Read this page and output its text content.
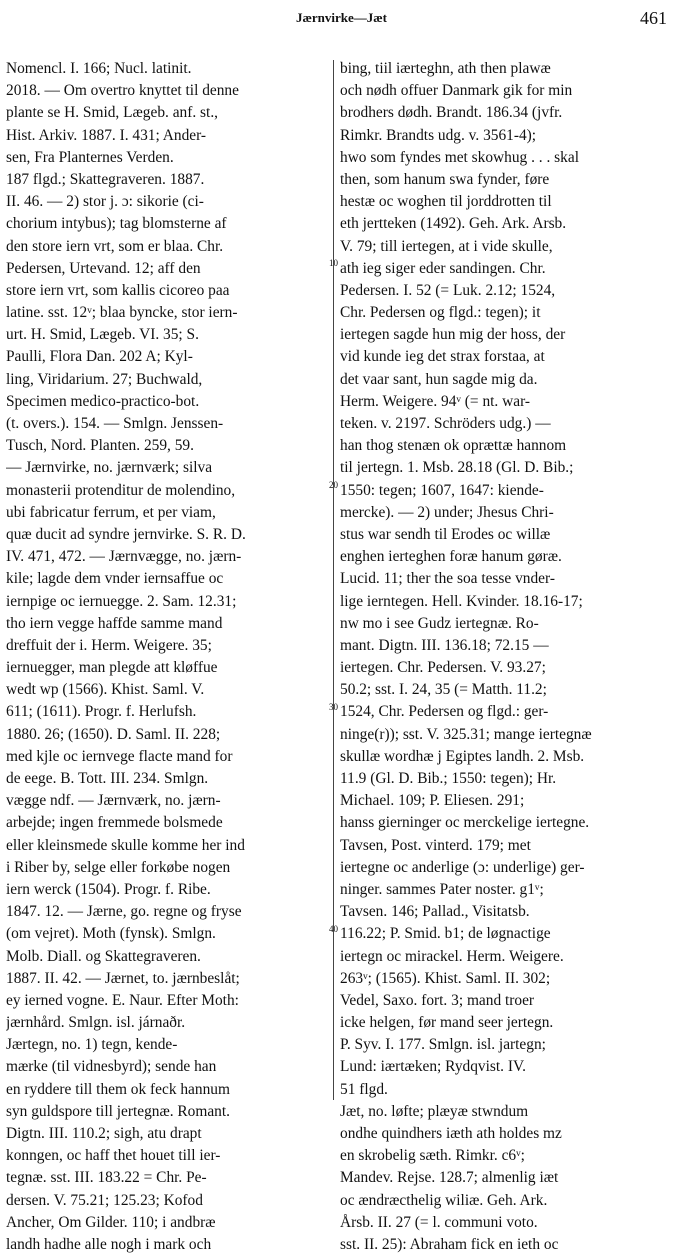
Jærnvirke—Jæt	461
Nomencl. I. 166; Nucl. latinit.
2018. — Om overtro knyttet til denne
plante se H. Smid, Lægeb. anf. st.,
Hist. Arkiv. 1887. I. 431; Ander-
sen, Fra Planternes Verden.
187 flgd.; Skattegraveren. 1887.
II. 46. — 2) stor j. ɔ: sikorie (ci-
chorium intybus); tag blomsterne af
den store iern vrt, som er blaa. Chr.
Pedersen, Urtevand. 12; aff den
store iern vrt, som kallis cicoreo paa
latine. sst. 12ᵛ; blaa byncke, stor iern-
urt. H. Smid, Lægeb. VI. 35; S.
Paulli, Flora Dan. 202 A; Kyl-
ling, Viridarium. 27; Buchwald,
Specimen medico-practico-bot.
(t. overs.). 154. — Smlgn. Jenssen-
Tusch, Nord. Planten. 259, 59.
— Jærnvirke, no. jærnværk; silva
monasterii protenditur de molendino,
ubi fabricatur ferrum, et per viam,
quæ ducit ad syndre jernvirke. S. R. D.
IV. 471, 472. — Jærnvægge, no. jærn-
kile; lagde dem vnder iernsaffue oc
iernpige oc iernuegge. 2. Sam. 12.31;
tho iern vegge haffde samme mand
dreffuit der i. Herm. Weigere. 35;
iernuegger, man plegde att kløffue
wedt wp (1566). Khist. Saml. V.
611; (1611). Progr. f. Herlufsh.
1880. 26; (1650). D. Saml. II. 228;
med kjle oc iernvege flacte mand for
de eege. B. Tott. III. 234. Smlgn.
vægge ndf. — Jærnværk, no. jærn-
arbejde; ingen fremmede bolsmede
eller kleinsmede skulle komme her ind
i Riber by, selge eller forkøbe nogen
iern werck (1504). Progr. f. Ribe.
1847. 12. — Jærne, go. regne og fryse
(om vejret). Moth (fynsk). Smlgn.
Molb. Diall. og Skattegraveren.
1887. II. 42. — Jærnet, to. jærnbeslåt;
ey ierned vogne. E. Naur. Efter Moth:
jærnhård. Smlgn. isl. járnaðr.
Jærtegn, no. 1) tegn, kende-
mærke (til vidnesbyrd); sende han
en ryddere till them ok feck hannum
syn guldspore till jertegnæ. Romant.
Digtn. III. 110.2; sigh, atu drapt
konngen, oc haff thet houet till ier-
tegnæ. sst. III. 183.22 = Chr. Pe-
dersen. V. 75.21; 125.23; Kofod
Ancher, Om Gilder. 110; i andbræ
landh hadhe alle nogh i mark och
bing, tiil iærteghn, ath then plawæ
och nødh offuer Danmark gik for min
brodhers dødh. Brandt. 186.34 (jvfr.
Rimkr. Brandts udg. v. 3561-4);
hwo som fyndes met skowhug . . . skal
then, som hanum swa fynder, føre
hestæ oc woghen til jorddrotten til
eth jertteken (1492). Geh. Ark. Arsb.
V. 79; till iertegen, at i vide skulle,
ath ieg siger eder sandingen. Chr.
Pedersen. I. 52 (= Luk. 2.12; 1524,
Chr. Pedersen og flgd.: tegen); it
iertegen sagde hun mig der hoss, der
vid kunde ieg det strax forstaa, at
det vaar sant, hun sagde mig da.
Herm. Weigere. 94ᵛ (= nt. war-
teken. v. 2197. Schröders udg.) —
han thog stenæn ok oprættæ hannom
til jertegn. 1. Msb. 28.18 (Gl. D. Bib.;
1550: tegen; 1607, 1647: kiende-
mercke). — 2) under; Jhesus Chri-
stus war sendh til Erodes oc willæ
enghen ierteghen foræ hanum gøræ.
Lucid. 11; ther the soa tesse vnder-
lige ierntegen. Hell. Kvinder. 18.16-17;
nw mo i see Gudz iertegnæ. Ro-
mant. Digtn. III. 136.18; 72.15 —
iertegen. Chr. Pedersen. V. 93.27;
50.2; sst. I. 24, 35 (= Matth. 11.2;
1524, Chr. Pedersen og flgd.: ger-
ninge(r)); sst. V. 325.31; mange iertegnæ
skullæ wordhæ j Egiptes landh. 2. Msb.
11.9 (Gl. D. Bib.; 1550: tegen); Hr.
Michael. 109; P. Eliesen. 291;
hanss gierninger oc merckelige iertegne.
Tavsen, Post. vinterd. 179; met
iertegne oc anderlige (ɔ: underlige) ger-
ninger. sammes Pater noster. g1ᵛ;
Tavsen. 146; Pallad., Visitatsb.
116.22; P. Smid. b1; de løgnactige
iertegn oc mirackel. Herm. Weigere.
263ᵛ; (1565). Khist. Saml. II. 302;
Vedel, Saxo. fort. 3; mand troer
icke helgen, før mand seer jertegn.
P. Syv. I. 177. Smlgn. isl. jartegn;
Lund: iærtæken; Rydqvist. IV.
51 flgd.
Jæt, no. løfte; plæyæ stwndum
ondhe quindhers iæth ath holdes mz
en skrobelig sæth. Rimkr. c6ᵛ;
Mandev. Rejse. 128.7; almenlig iæt
oc ændræcthelig wiliæ. Geh. Ark.
Årsb. II. 27 (= l. communi voto.
sst. II. 25): Abraham fick en ieth oc
10
20
30
40
